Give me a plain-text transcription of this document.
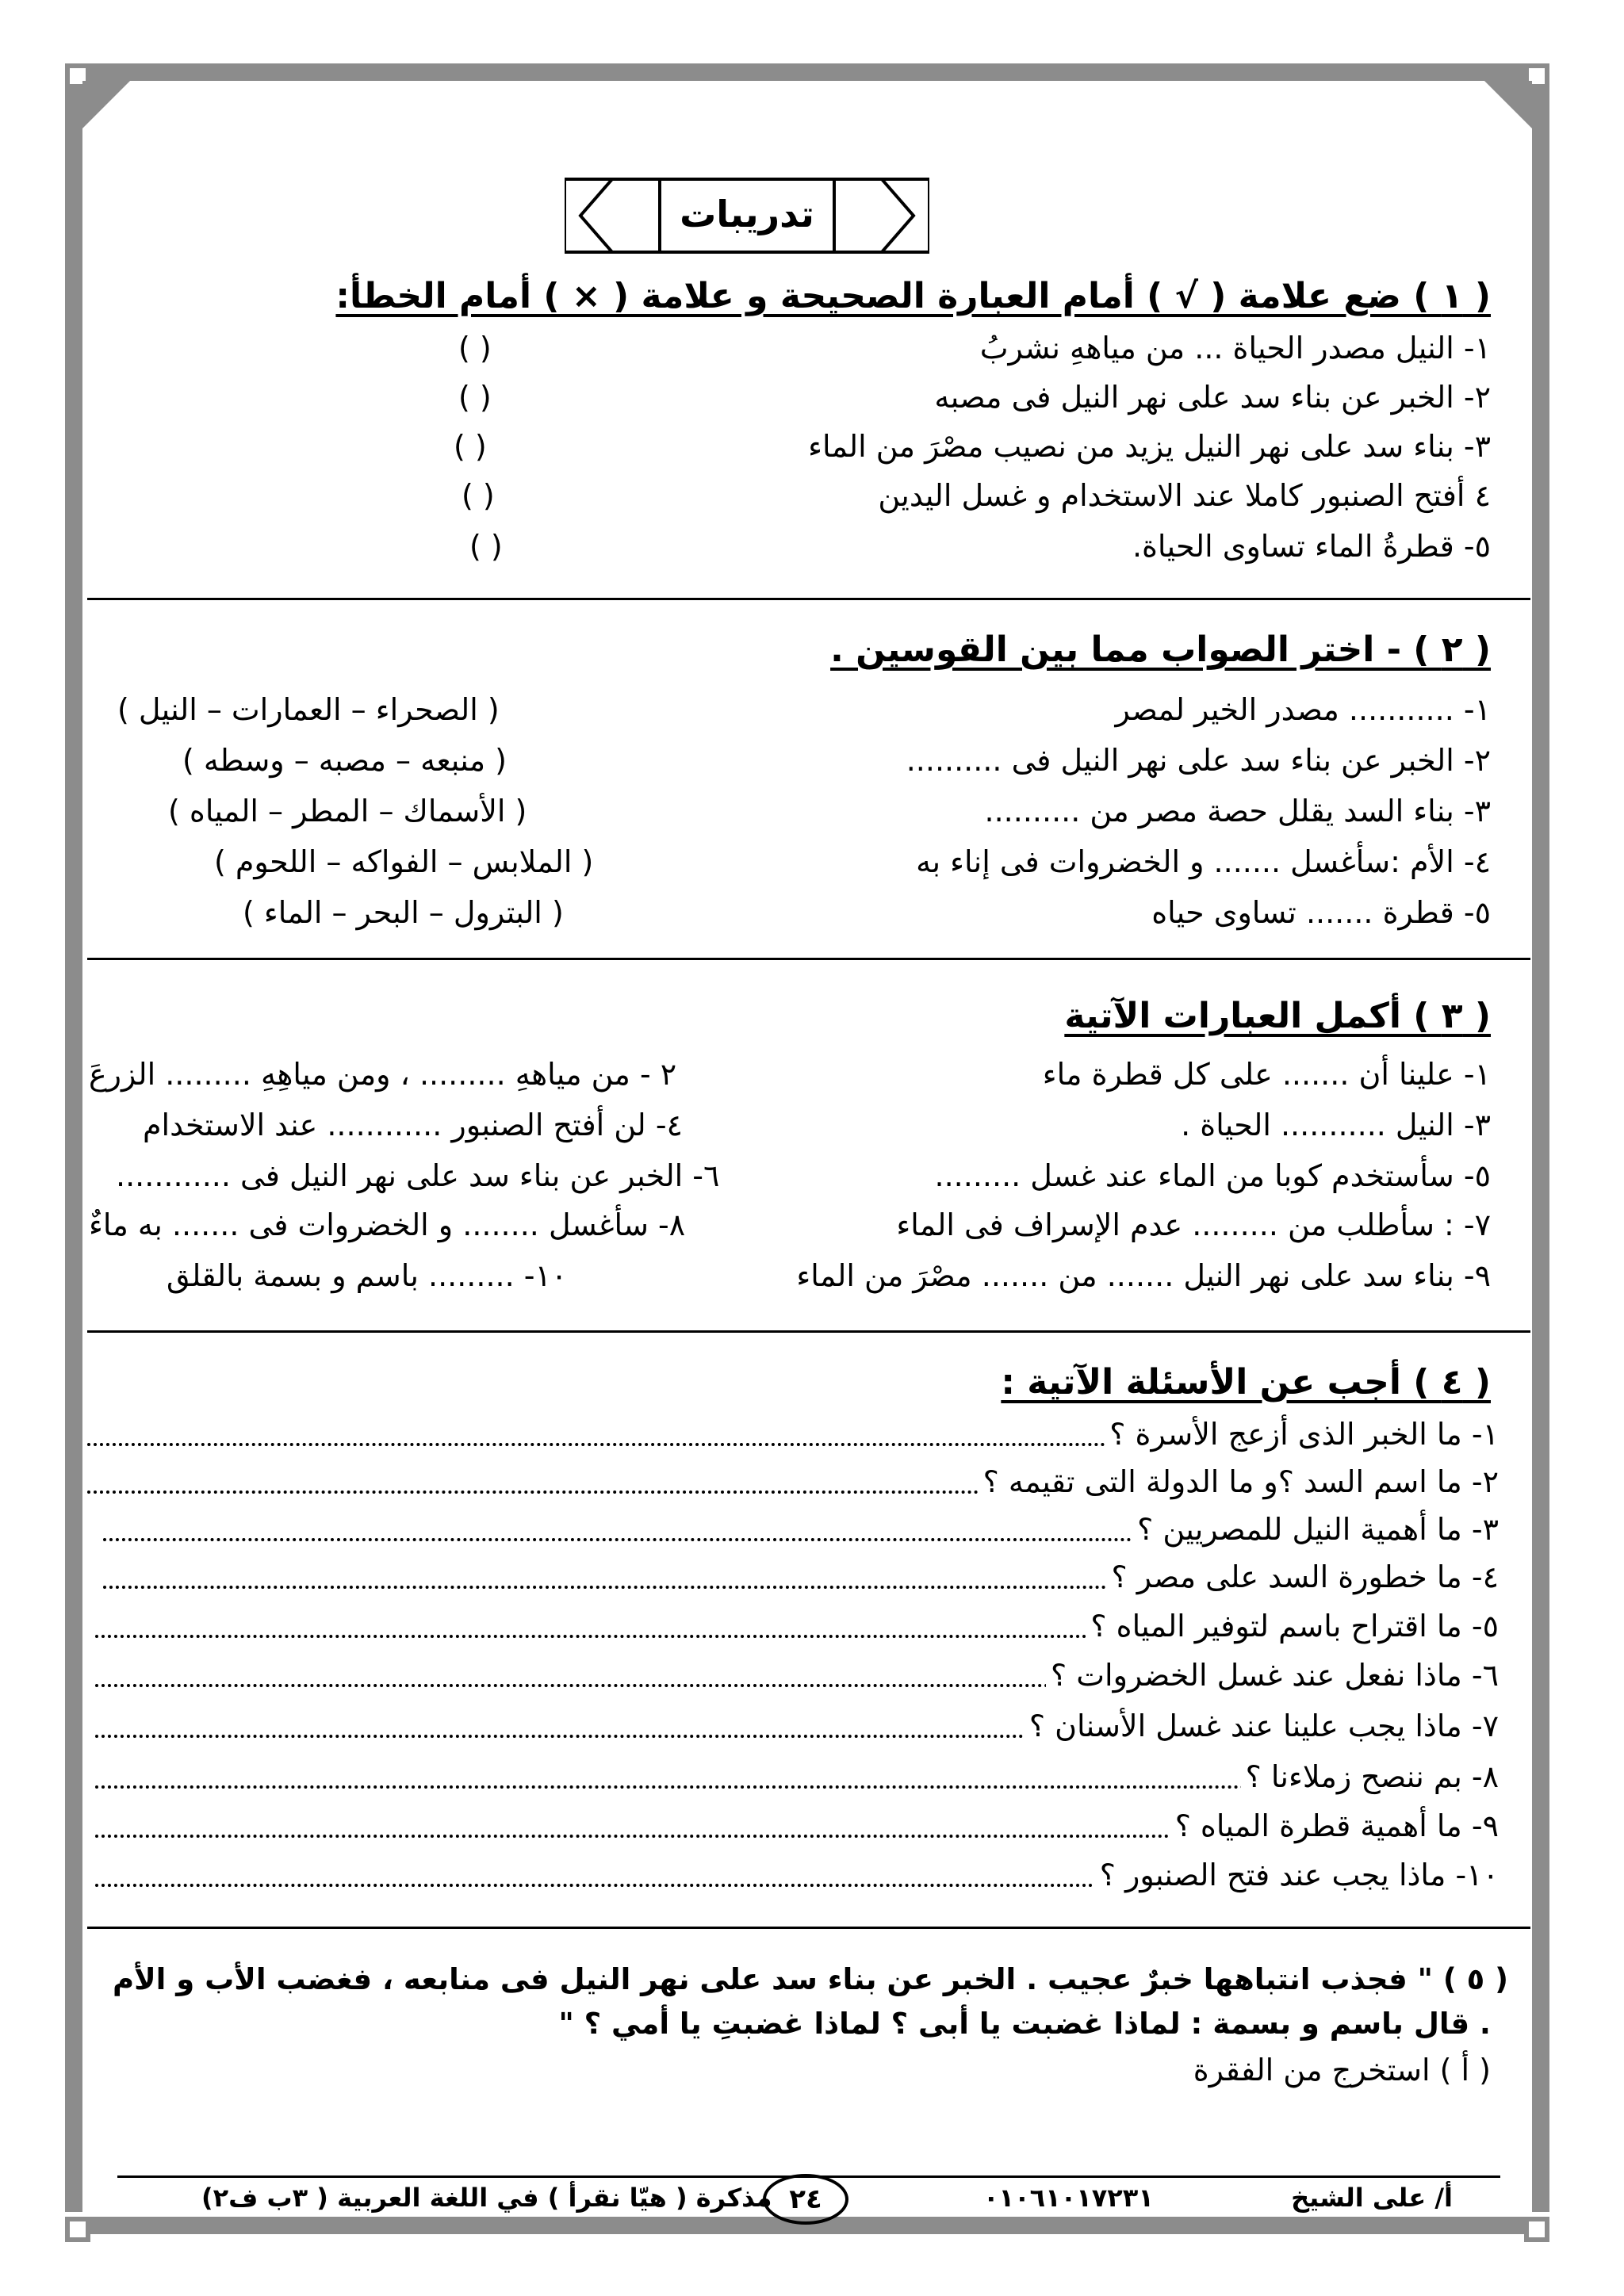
تدريبات
( ١ ) ضع علامة ( √ ) أمام العبارة الصحيحة و علامة ( × ) أمام الخطأ:
١- النيل مصدر الحياة ... من مياههِ نشربُ
( )
٢- الخبر عن بناء سد على نهر النيل فى مصبه
( )
٣- بناء سد على نهر النيل يزيد من نصيب مصْرَ من الماء
( )
٤ أفتح الصنبور كاملا عند الاستخدام و غسل اليدين
( )
٥- قطرةُ الماء تساوى الحياة.
( )
( ٢ ) - اختر الصواب مما بين القوسين .
١- ........... مصدر الخير لمصر
( الصحراء – العمارات – النيل )
٢- الخبر عن بناء سد على نهر النيل فى ..........
( منبعه – مصبه – وسطه )
٣- بناء السد يقلل حصة مصر من ..........
( الأسماك – المطر – المياه )
٤- الأم :سأغسل ....... و الخضروات فى إناء به
( الملابس – الفواكه – اللحوم )
٥- قطرة ....... تساوى حياه
( البترول – البحر – الماء )
( ٣ ) أكمل العبارات الآتية
١- علينا أن ....... على كل قطرة ماء
٢ - من مياههِ ......... ، ومن مياهِهِ ......... الزرعَ
٣- النيل ........... الحياة .
٤- لن أفتح الصنبور ............ عند الاستخدام
٥- سأستخدم كوبا من الماء عند غسل .........
٦- الخبر عن بناء سد على نهر النيل فى ............
٧- : سأطلب من ......... عدم الإسراف فى الماء
٨- سأغسل ........ و الخضروات فى ....... به ماءٌ
٩- بناء سد على نهر النيل ....... من ....... مصْرَ من الماء
١٠- ......... باسم و بسمة بالقلق
( ٤ ) أجب عن الأسئلة الآتية :
١- ما الخبر الذى أزعج الأسرة ؟
٢- ما اسم السد ؟و ما الدولة التى تقيمه ؟
٣- ما أهمية النيل للمصريين ؟
٤- ما خطورة السد على مصر ؟
٥- ما اقتراح باسم لتوفير المياه ؟
٦- ماذا نفعل عند غسل الخضروات ؟
٧- ماذا يجب علينا عند غسل الأسنان ؟
٨- بم ننصح زملاءنا ؟
٩- ما أهمية قطرة المياه ؟
١٠- ماذا يجب عند فتح الصنبور ؟
( ٥ ) " فجذب انتباهها خبرٌ عجيب . الخبر عن بناء سد على نهر النيل فى منابعه ، فغضب الأب و الأم
. قال باسم و بسمة : لماذا غضبت يا أبى ؟ لماذا غضبتِ يا أمي ؟ "
( أ ) استخرج من الفقرة
أ/ على الشيخ
٠١٠٦١٠١٧٢٣١
٢٤
مذكرة ( هيّا نقرأ ) في اللغة العربية ( ٣ب ف٢)
